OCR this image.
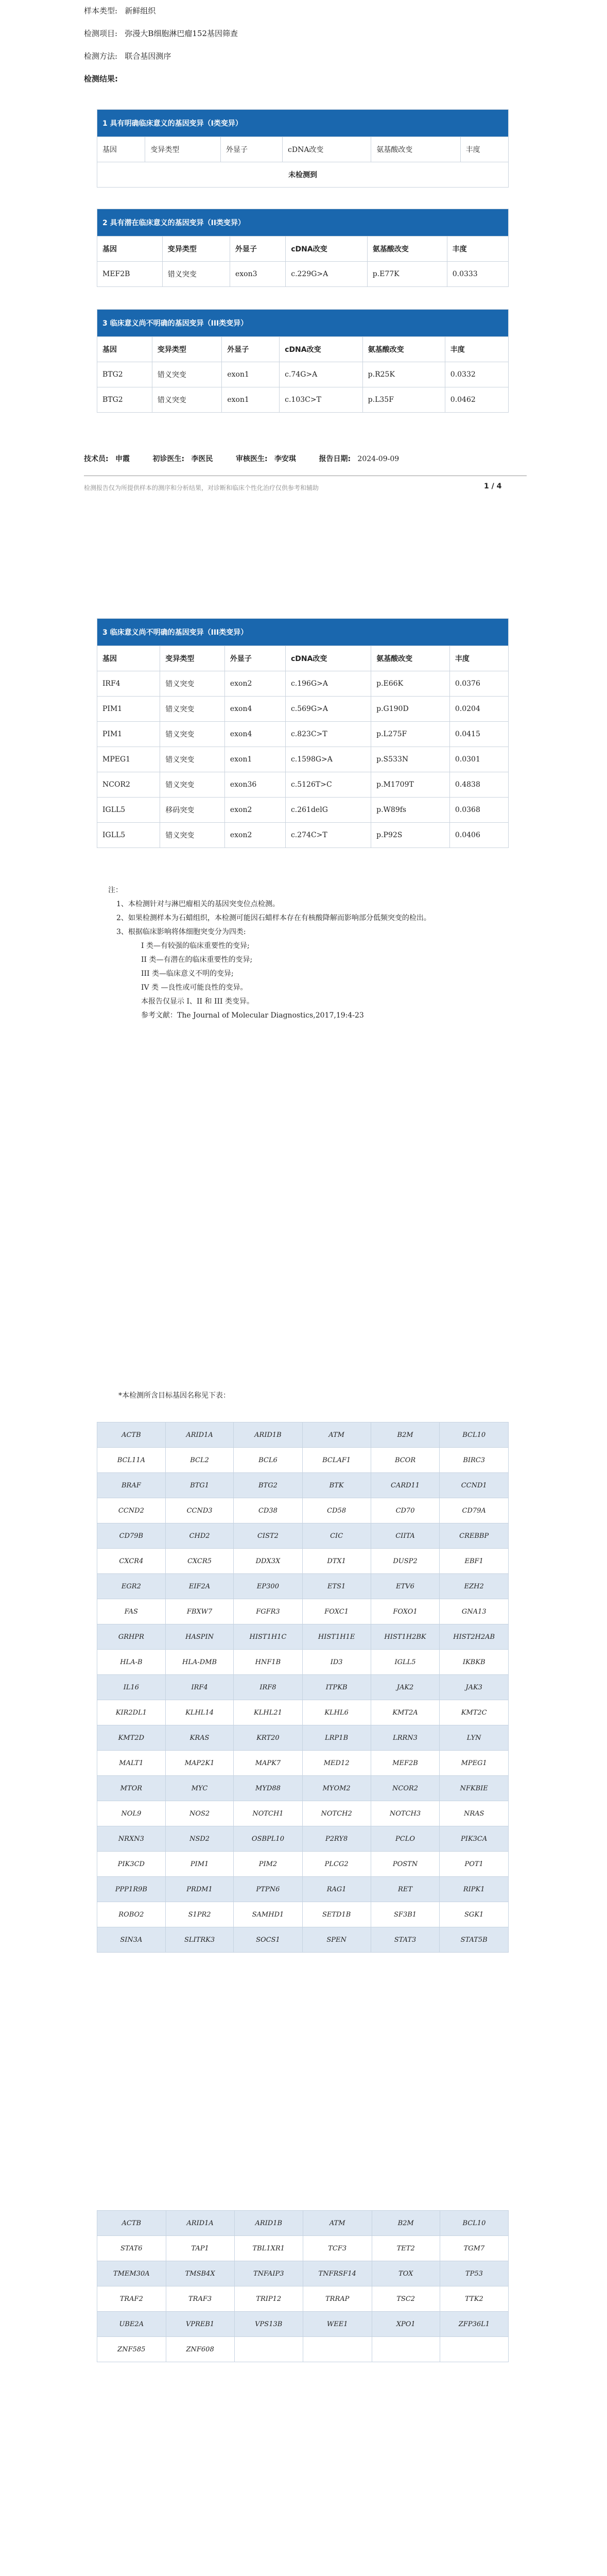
样本类型: 新鲜组织
检测项目: 弥漫大B细胞淋巴瘤152基因筛查
检测方法: 联合基因测序
检测结果:
1 具有明确临床意义的基因变异（I类变异）
基因	变异类型	外显子	cDNA改变	氨基酸改变	丰度
未检测到
2 具有潜在临床意义的基因变异（II类变异）					
基因	变异类型	外显子	cDNA改变	氨基酸改变	丰度
MEF2B	错义突变	exon3	c.229G>A	p.E77K	0.0333
3 临床意义尚不明确的基因变异（III类变异）					
基因	变异类型	外显子	cDNA改变	氨基酸改变	丰度
BTG2	错义突变	exon1	c.74G>A	p.R25K	0.0332
BTG2	错义突变	exon1	c.103C>T	p.L35F	0.0462
技术员: 申霞	初诊医生: 李医民	审核医生: 李安琪	报告日期: 2024-09-09
检测报告仅为所提供样本的测序和分析结果，对诊断和临床个性化治疗仅供参考和辅助	1 / 4
3 临床意义尚不明确的基因变异（III类变异）					
基因	变异类型	外显子	cDNA改变	氨基酸改变	丰度
IRF4	错义突变	exon2	c.196G>A	p.E66K	0.0376
PIM1	错义突变	exon4	c.569G>A	p.G190D	0.0204
PIM1	错义突变	exon4	c.823C>T	p.L275F	0.0415
MPEG1	错义突变	exon1	c.1598G>A	p.S533N	0.0301
NCOR2	错义突变	exon36	c.5126T>C	p.M1709T	0.4838
IGLL5	移码突变	exon2	c.261delG	p.W89fs	0.0368
IGLL5	错义突变	exon2	c.274C>T	p.P92S	0.0406
注：
1、本检测针对与淋巴瘤相关的基因突变位点检测。
2、如果检测样本为石蜡组织，本检测可能因石蜡样本存在有核酸降解而影响部分低频突变的检出。
3、根据临床影响将体细胞突变分为四类:
I 类—有较强的临床重要性的变异;
II 类—有潜在的临床重要性的变异;
III 类—临床意义不明的变异;
IV 类 —良性或可能良性的变异。
本报告仅显示 I、II 和 III 类变异。
参考文献：The Journal of Molecular Diagnostics,2017,19:4-23
*本检测所含目标基因名称见下表：
ACTB	ARID1A	ARID1B	ATM	B2M	BCL10
BCL11A	BCL2	BCL6	BCLAF1	BCOR	BIRC3
BRAF	BTG1	BTG2	BTK	CARD11	CCND1
CCND2	CCND3	CD38	CD58	CD70	CD79A
CD79B	CHD2	CIST2	CIC	CIITA	CREBBP
CXCR4	CXCR5	DDX3X	DTX1	DUSP2	EBF1
EGR2	EIF2A	EP300	ETS1	ETV6	EZH2
FAS	FBXW7	FGFR3	FOXC1	FOXO1	GNA13
GRHPR	HASPIN	HIST1H1C	HIST1H1E	HIST1H2BK	HIST2H2AB
HLA-B	HLA-DMB	HNF1B	ID3	IGLL5	IKBKB
IL16	IRF4	IRF8	ITPKB	JAK2	JAK3
KIR2DL1	KLHL14	KLHL21	KLHL6	KMT2A	KMT2C
KMT2D	KRAS	KRT20	LRP1B	LRRN3	LYN
MALT1	MAP2K1	MAPK7	MED12	MEF2B	MPEG1
MTOR	MYC	MYD88	MYOM2	NCOR2	NFKBIE
NOL9	NOS2	NOTCH1	NOTCH2	NOTCH3	NRAS
NRXN3	NSD2	OSBPL10	P2RY8	PCLO	PIK3CA
PIK3CD	PIM1	PIM2	PLCG2	POSTN	POT1
PPP1R9B	PRDM1	PTPN6	RAG1	RET	RIPK1
ROBO2	S1PR2	SAMHD1	SETD1B	SF3B1	SGK1
SIN3A	SLITRK3	SOCS1	SPEN	STAT3	STAT5B
ACTB	ARID1A	ARID1B	ATM	B2M	BCL10
STAT6	TAP1	TBL1XR1	TCF3	TET2	TGM7
TMEM30A	TMSB4X	TNFAIP3	TNFRSF14	TOX	TP53
TRAF2	TRAF3	TRIP12	TRRAP	TSC2	TTK2
UBE2A	VPREB1	VPS13B	WEE1	XPO1	ZFP36L1
ZNF585	ZNF608				
